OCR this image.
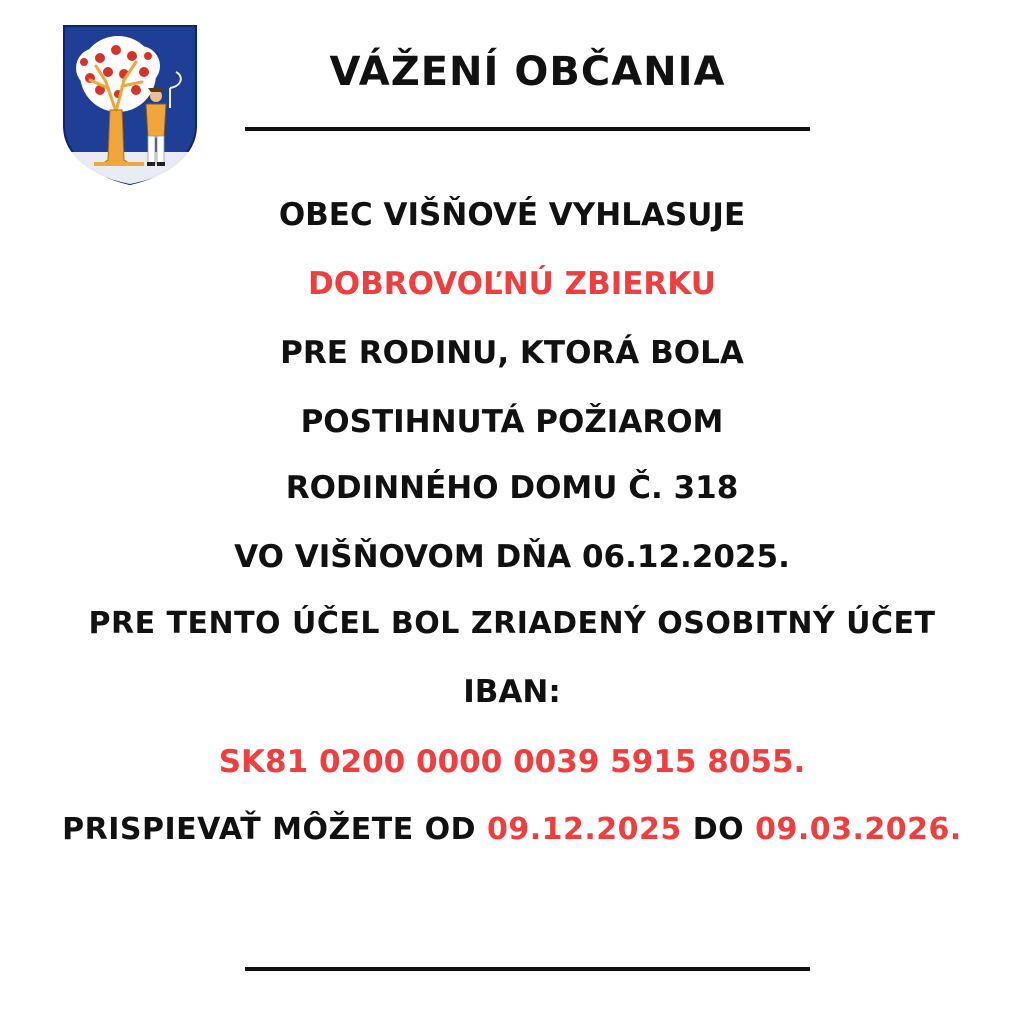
VÁŽENÍ OBČANIA
OBEC VIŠŇOVÉ VYHLASUJE
DOBROVOĽNÚ ZBIERKU
PRE RODINU, KTORÁ BOLA
POSTIHNUTÁ POŽIAROM
RODINNÉHO DOMU Č. 318
VO VIŠŇOVOM DŇA 06.12.2025.
PRE TENTO ÚČEL BOL ZRIADENÝ OSOBITNÝ ÚČET
IBAN:
SK81 0200 0000 0039 5915 8055.
PRISPIEVAŤ MÔŽETE OD 09.12.2025 DO 09.03.2026.
